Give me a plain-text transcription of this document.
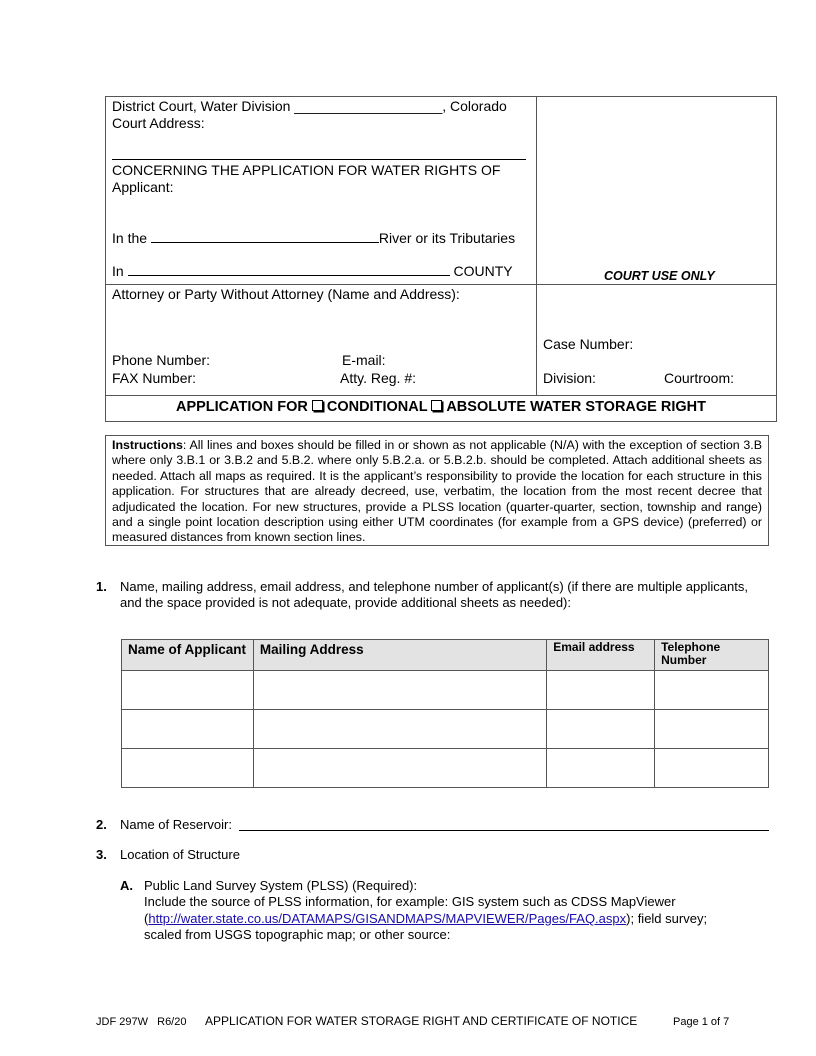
District Court, Water Division ___________________, Colorado
Court Address:
CONCERNING THE APPLICATION FOR WATER RIGHTS OF
Applicant:
In the	River or its Tributaries
In	COUNTY	COURT USE ONLY
Attorney or Party Without Attorney (Name and Address):
Phone Number:	E-mail:
FAX Number:	Atty. Reg. #:
Case Number:
Division:	Courtroom:
APPLICATION FOR CONDITIONAL ABSOLUTE WATER STORAGE RIGHT
Instructions: All lines and boxes should be filled in or shown as not applicable (N/A) with the exception of section 3.B where only 3.B.1 or 3.B.2 and 5.B.2. where only 5.B.2.a. or 5.B.2.b. should be completed. Attach additional sheets as needed. Attach all maps as required. It is the applicant’s responsibility to provide the location for each structure in this application. For structures that are already decreed, use, verbatim, the location from the most recent decree that adjudicated the location. For new structures, provide a PLSS location (quarter-quarter, section, township and range) and a single point location description using either UTM coordinates (for example from a GPS device) (preferred) or measured distances from known section lines.
1. Name, mailing address, email address, and telephone number of applicant(s) (if there are multiple applicants,
and the space provided is not adequate, provide additional sheets as needed):
Name of Applicant	Mailing Address	Email address	Telephone Number

2. Name of Reservoir:
3. Location of Structure
A. Public Land Survey System (PLSS) (Required):
Include the source of PLSS information, for example: GIS system such as CDSS MapViewer
(http://water.state.co.us/DATAMAPS/GISANDMAPS/MAPVIEWER/Pages/FAQ.aspx); field survey;
scaled from USGS topographic map; or other source:
JDF 297W   R6/20 APPLICATION FOR WATER STORAGE RIGHT AND CERTIFICATE OF NOTICE	Page 1 of 7
